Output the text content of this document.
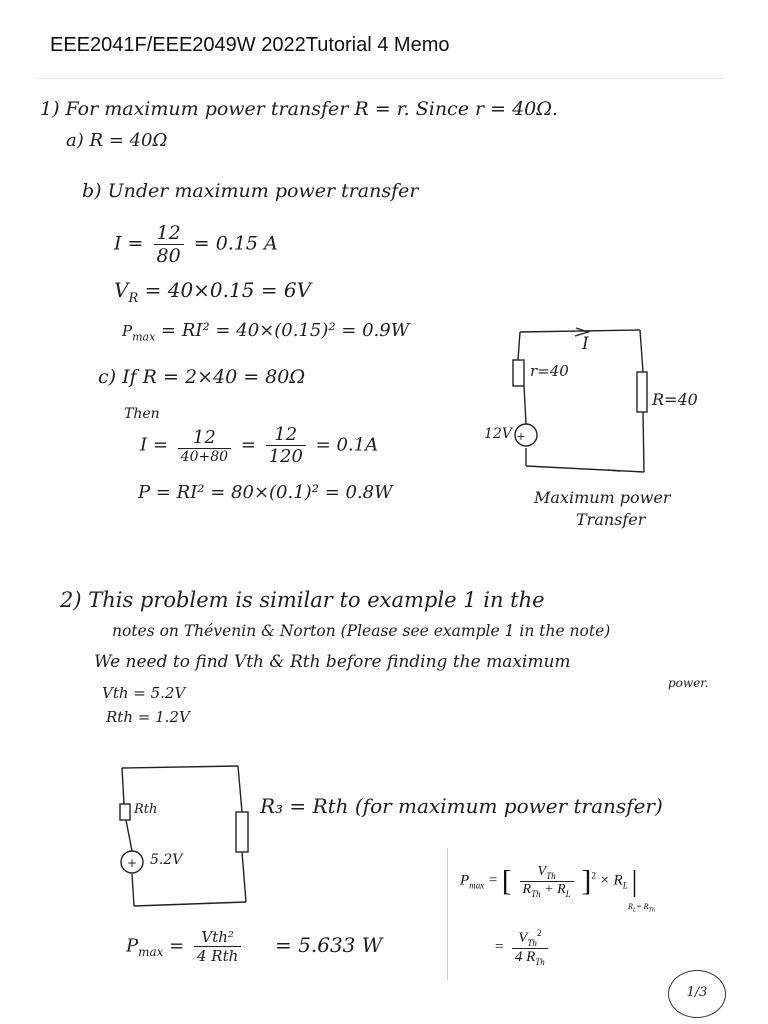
EEE2041F/EEE2049W 2022Tutorial 4 Memo
1) For maximum power transfer R = r. Since r = 40Ω.
a) R = 40Ω
b) Under maximum power transfer
$I = \frac{12}{80} = 0.15$ A
$V_R = 40\times 0.15 = 6V$
$P_{max} = RI^2 = 40\times(0.15)^2 = 0.9W$
c) If R = 2×40 = 80Ω
Then
$I = \frac{12}{40+80} = \frac{12}{120} = 0.1A$
P = RI² = 80×(0.1)² = 0.8W
+
r=40
R=40
12V
I
Maximum power
Transfer
2) This problem is similar to example 1 in the
notes on Thévenin & Norton (Please see example 1 in the note)
We need to find Vth & Rth before finding the maximum
power.
Vth = 5.2V
Rth = 1.2V
+
Rth
5.2V
R₃ = Rth (for maximum power transfer)
$P_{max} = \frac{\text{Vth²}}{\text{4 Rth}} = 5.633$ W
$P_{max}$ = [ $\frac{V_{Th}}{R_{Th} + R_L} ]^2 \times R_L$ |
$R_L= R_{Th}$
= $\frac{V_{Th}^2}{4 R_{Th}}$
1/3
